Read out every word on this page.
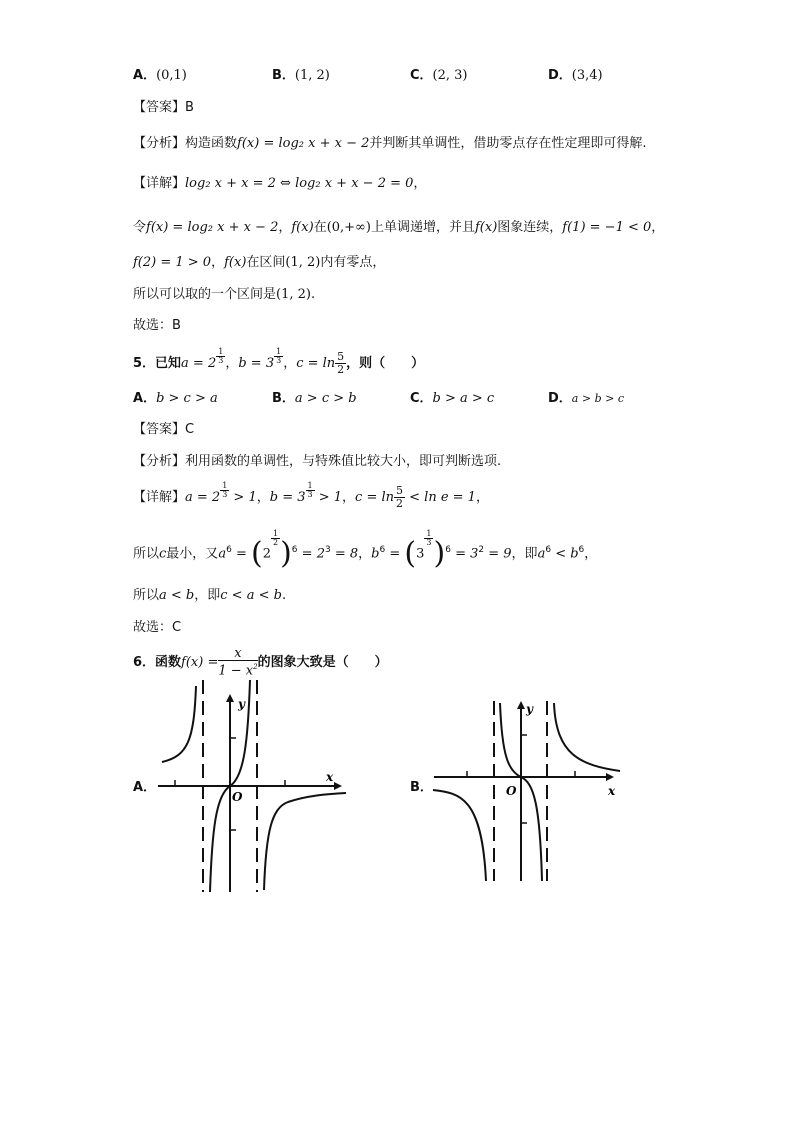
A．(0,1)	B．(1, 2)	C．(2, 3)	D．(3,4)
【答案】B
【分析】构造函数f(x) = log₂ x + x − 2并判断其单调性，借助零点存在性定理即可得解.
【详解】log₂ x + x = 2 ⇔ log₂ x + x − 2 = 0，
令f(x) = log₂ x + x − 2，f(x)在(0,+∞)上单调递增，并且f(x)图象连续，f(1) = −1 < 0，
f(2) = 1 > 0，f(x)在区间(1, 2)内有零点，
所以可以取的一个区间是(1, 2).
故选：B
5．已知a = 2 $^{\frac{1}{3}}$ ，b = 3 $^{\frac{1}{3}}$ ，$c = \ln \frac{5}{2}$ ，则（　　）
A．b > c > a	B．a > c > b	C．b > a > c	D．a > b > c
【答案】C
【分析】利用函数的单调性，与特殊值比较大小，即可判断选项.
【详解】a = 2 $^{\frac{1}{3}}$ > 1，b = 3 $^{\frac{1}{3}}$ > 1，$c = \ln \frac{5}{2} < \ln e = 1$，
所以c最小，又$a^6 = (2$
$^{\frac{1}{2}}$ )$^6 = 2^3 = 8$，$b^6 = (3$
$^{\frac{1}{3}}$ )$^6 = 3^2 = 9$，即$a^6 < b^6$，
所以a < b，即c < a < b.
故选：C
6．函数$f(x) = \frac{x}{1 - x^2}$ 的图象大致是（　　）
A．	B．
x
y
O	x
y
O
